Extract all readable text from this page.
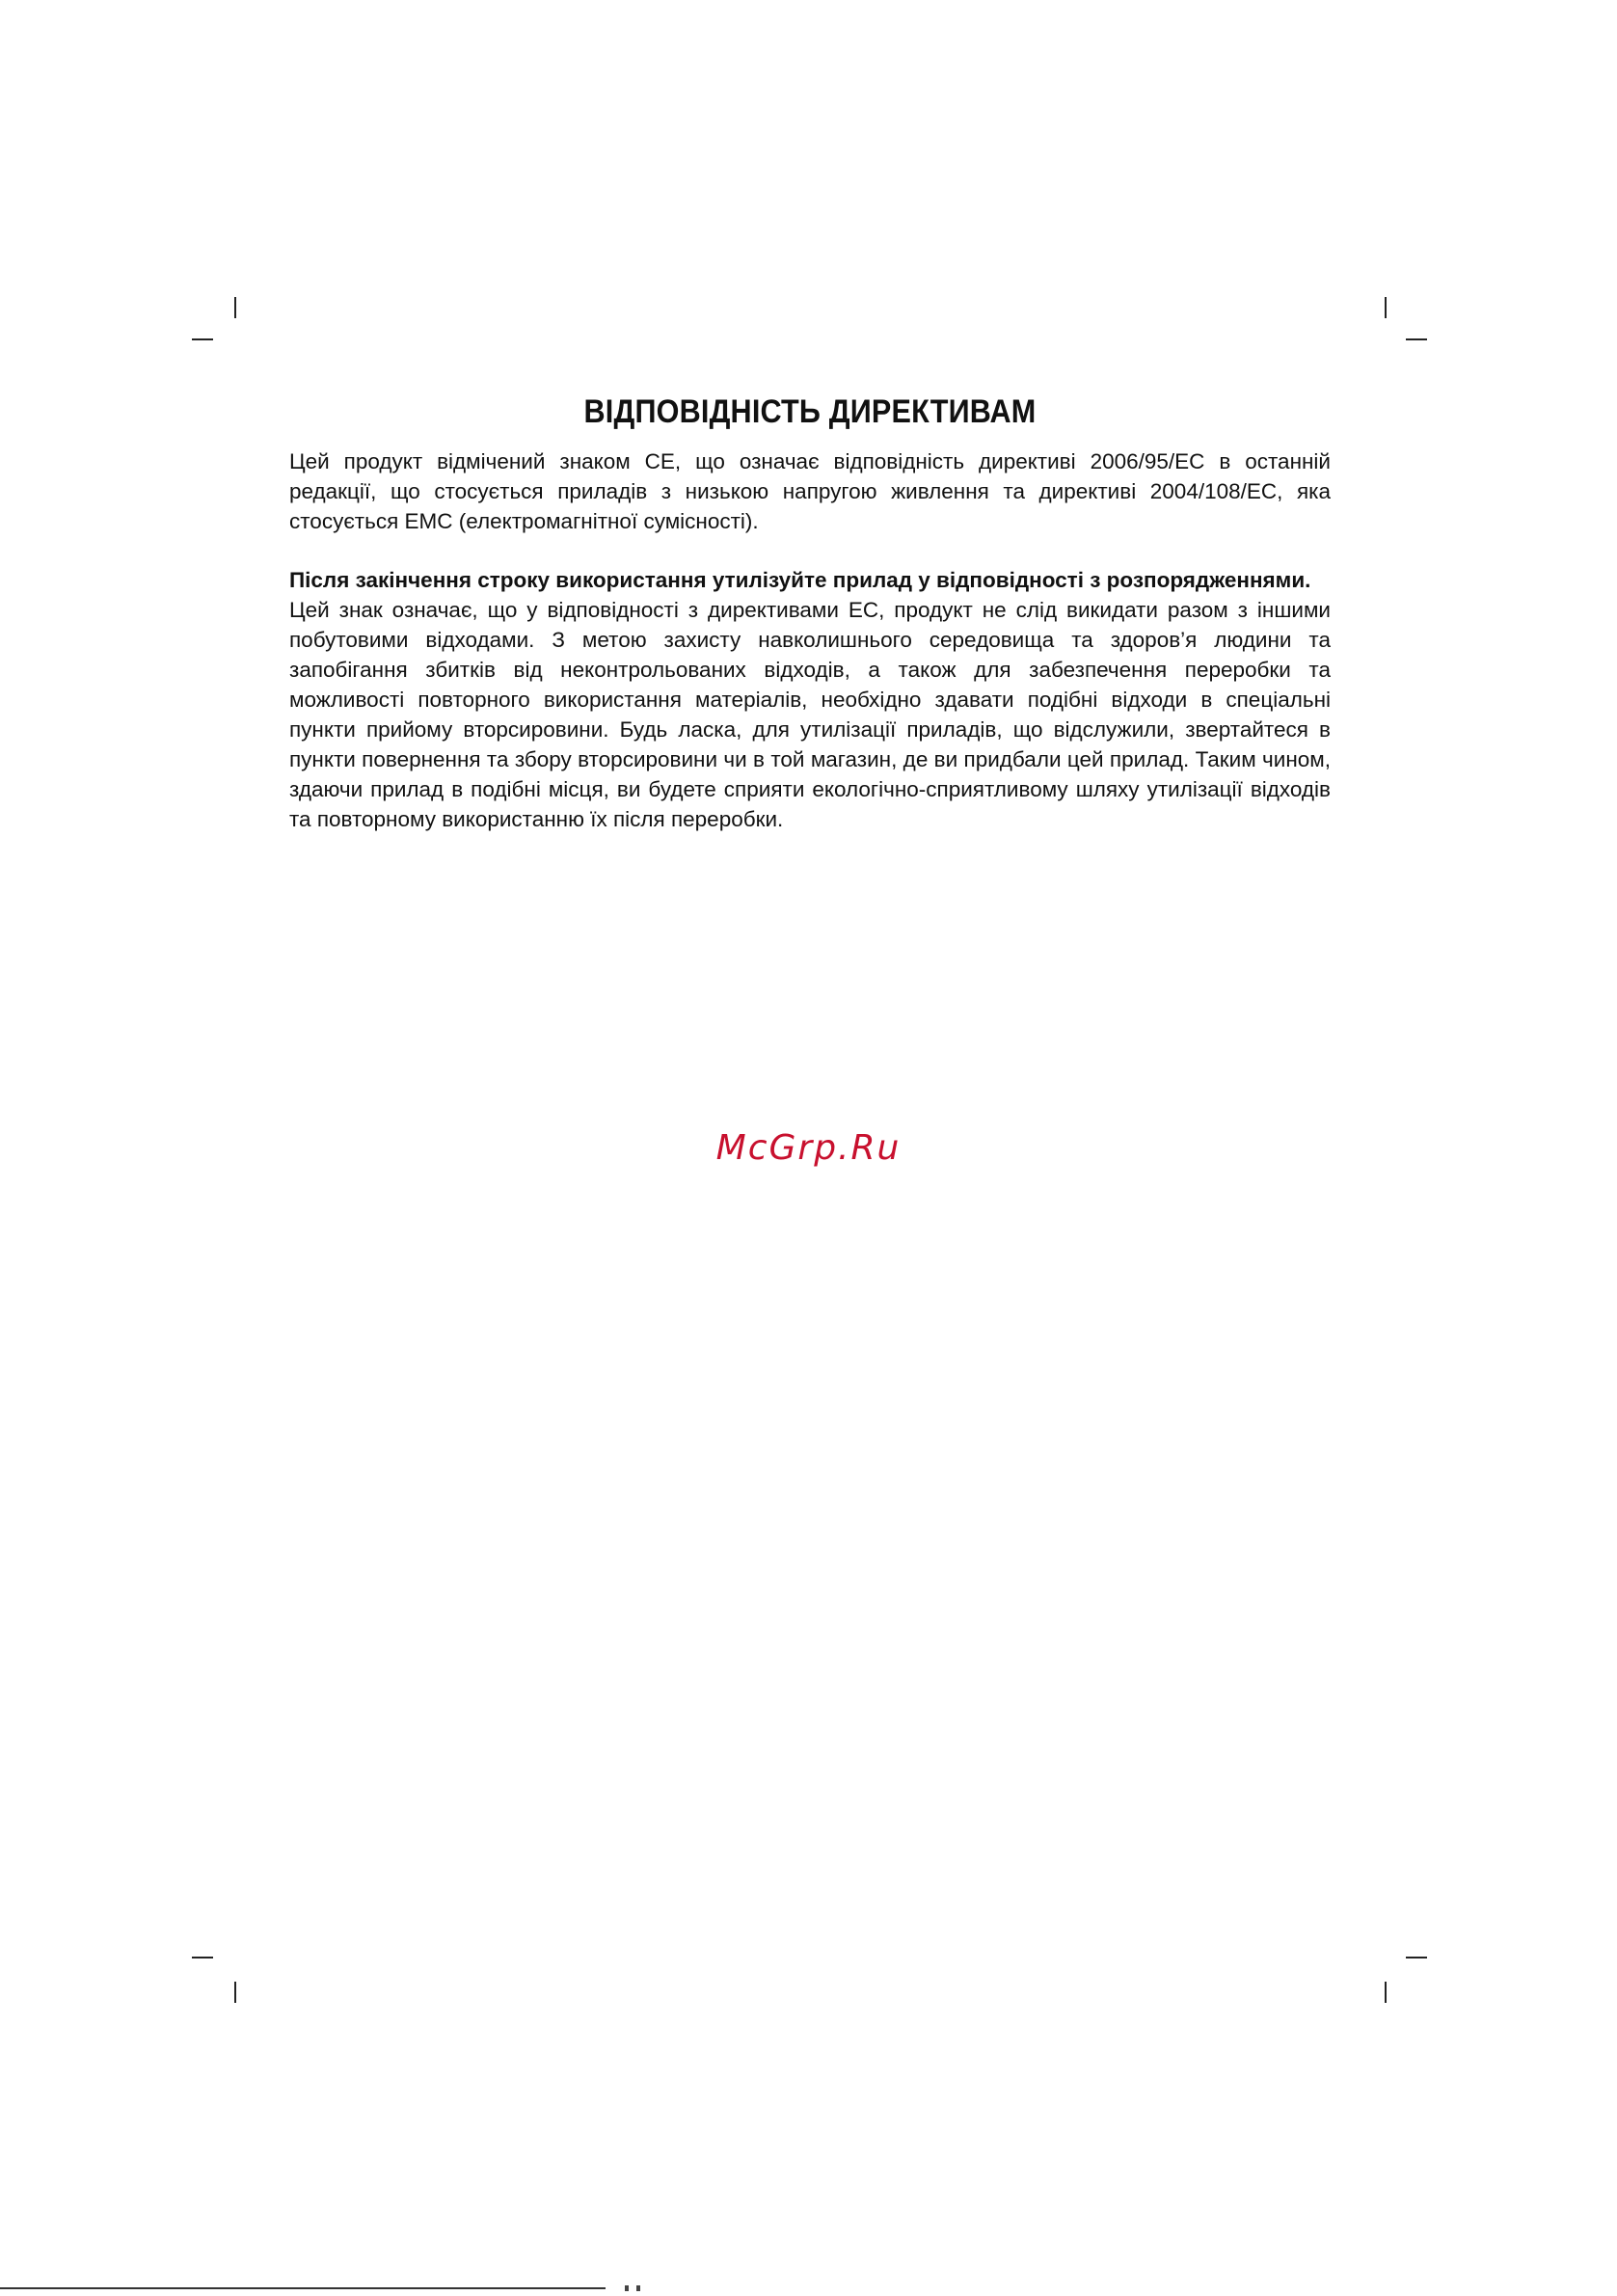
ВІДПОВІДНІСТЬ ДИРЕКТИВАМ

Цей продукт відмічений знаком CE, що означає відповідність директиві 2006/95/EC в останній редакції, що стосується приладів з низькою напругою живлення та директиві 2004/108/EC, яка стосується EMC (електромагнітної сумісності).

Після закінчення строку використання утилізуйте прилад у відповідності з розпорядженнями.

Цей знак означає, що у відповідності з директивами ЕС, продукт не слід викидати разом з іншими побутовими відходами. З метою захисту навколишнього середовища та здоров’я людини та запобігання збитків від неконтрольованих відходів, а також для забезпечення переробки та можливості повторного використання матеріалів, необхідно здавати подібні відходи в спеціальні пункти прийому вторсировини. Будь ласка, для утилізації приладів, що відслужили, звертайтеся в пункти повернення та збору вторсировини чи в той магазин, де ви придбали цей прилад. Таким чином, здаючи прилад в подібні місця, ви будете сприяти екологічно-сприятливому шляху утилізації відходів та повторному використанню їх після переробки.

McGrp.Ru
